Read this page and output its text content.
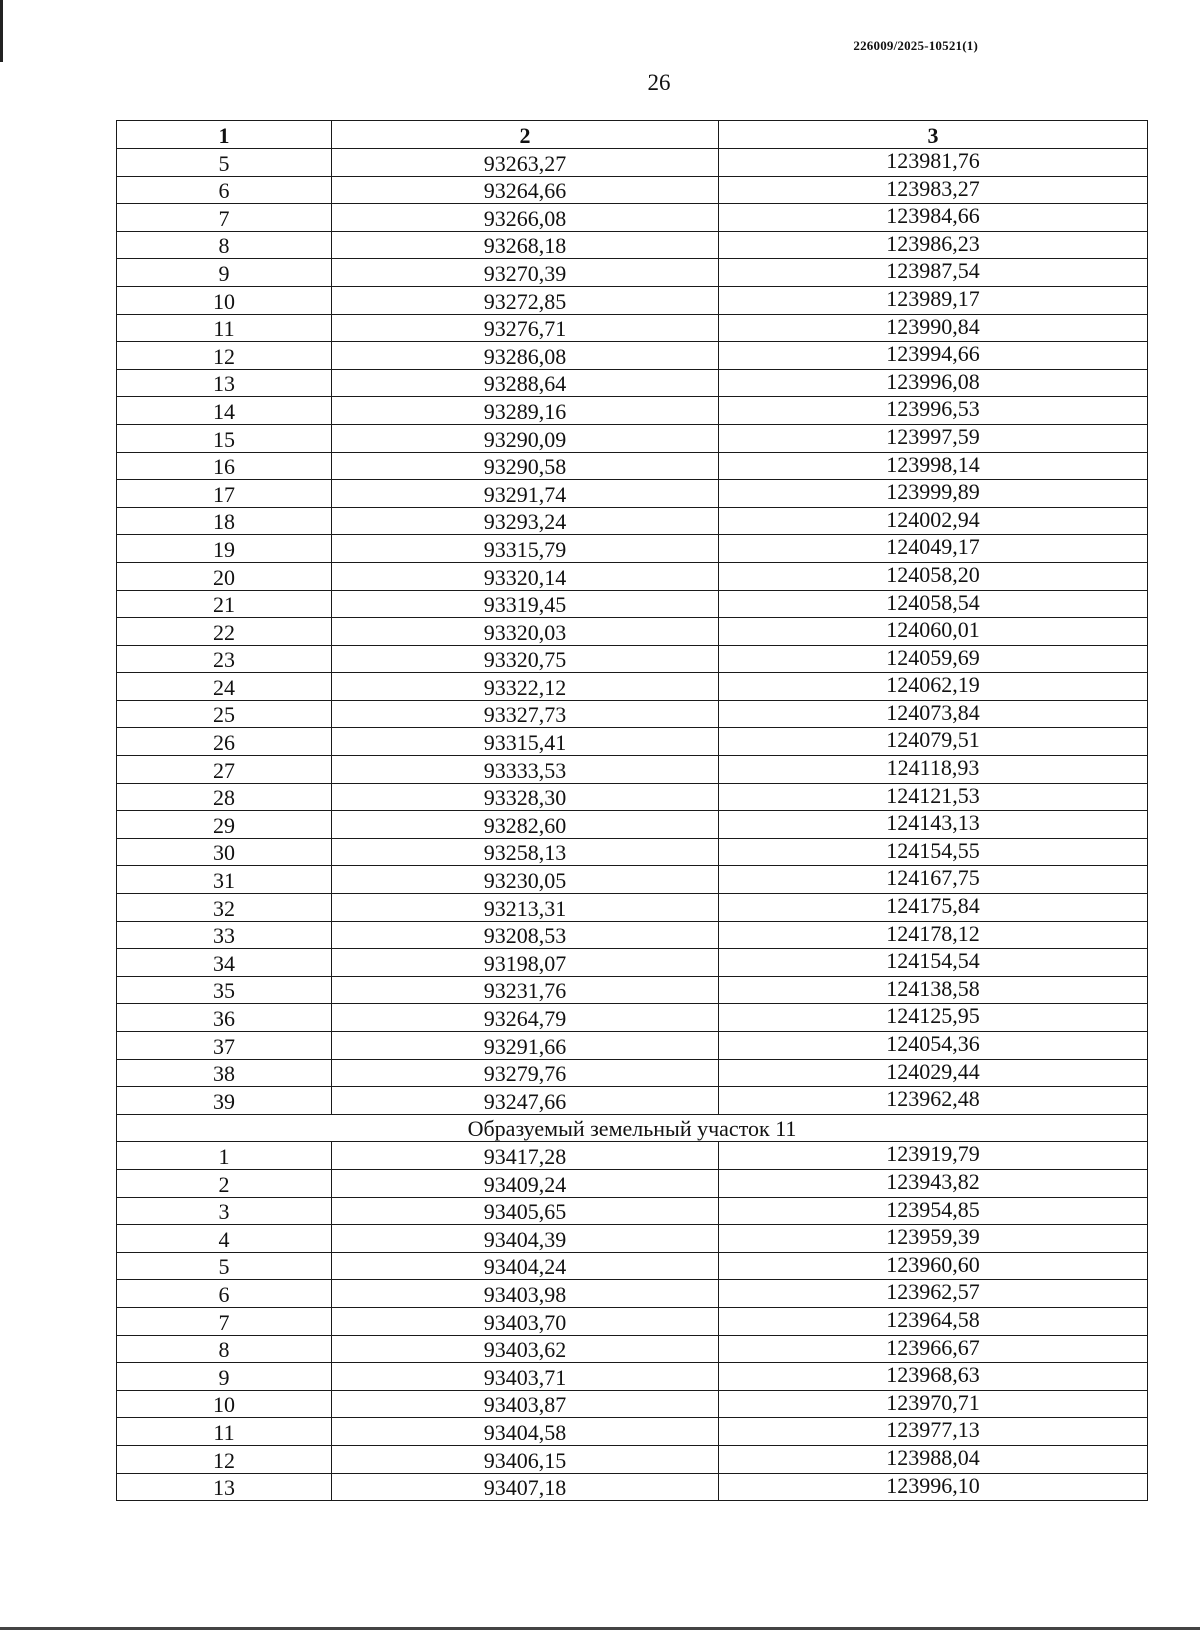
226009/2025-10521(1)
26
1	2	3
5	93263,27	123981,76
6	93264,66	123983,27
7	93266,08	123984,66
8	93268,18	123986,23
9	93270,39	123987,54
10	93272,85	123989,17
11	93276,71	123990,84
12	93286,08	123994,66
13	93288,64	123996,08
14	93289,16	123996,53
15	93290,09	123997,59
16	93290,58	123998,14
17	93291,74	123999,89
18	93293,24	124002,94
19	93315,79	124049,17
20	93320,14	124058,20
21	93319,45	124058,54
22	93320,03	124060,01
23	93320,75	124059,69
24	93322,12	124062,19
25	93327,73	124073,84
26	93315,41	124079,51
27	93333,53	124118,93
28	93328,30	124121,53
29	93282,60	124143,13
30	93258,13	124154,55
31	93230,05	124167,75
32	93213,31	124175,84
33	93208,53	124178,12
34	93198,07	124154,54
35	93231,76	124138,58
36	93264,79	124125,95
37	93291,66	124054,36
38	93279,76	124029,44
39	93247,66	123962,48
Образуемый земельный участок 11		
1	93417,28	123919,79
2	93409,24	123943,82
3	93405,65	123954,85
4	93404,39	123959,39
5	93404,24	123960,60
6	93403,98	123962,57
7	93403,70	123964,58
8	93403,62	123966,67
9	93403,71	123968,63
10	93403,87	123970,71
11	93404,58	123977,13
12	93406,15	123988,04
13	93407,18	123996,10
